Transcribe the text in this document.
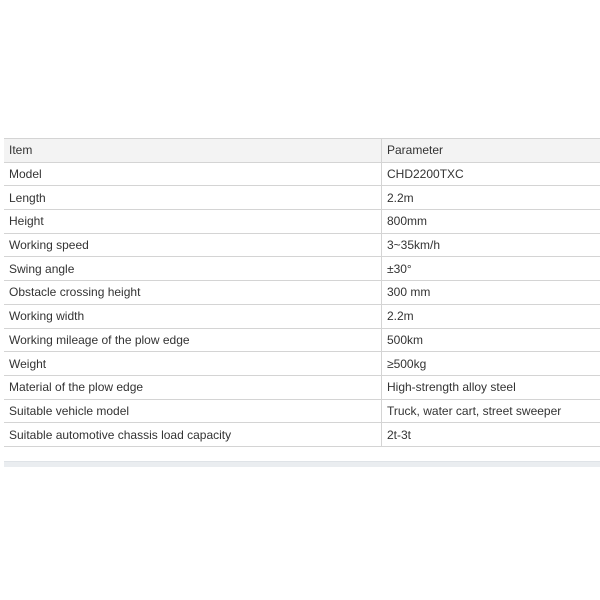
Item	Parameter
Model	CHD2200TXC
Length	2.2m
Height	800mm
Working speed	3~35km/h
Swing angle	±30°
Obstacle crossing height	300 mm
Working width	2.2m
Working mileage of the plow edge	500km
Weight	≥500kg
Material of the plow edge	High-strength alloy steel
Suitable vehicle model	Truck, water cart, street sweeper
Suitable automotive chassis load capacity	2t-3t
